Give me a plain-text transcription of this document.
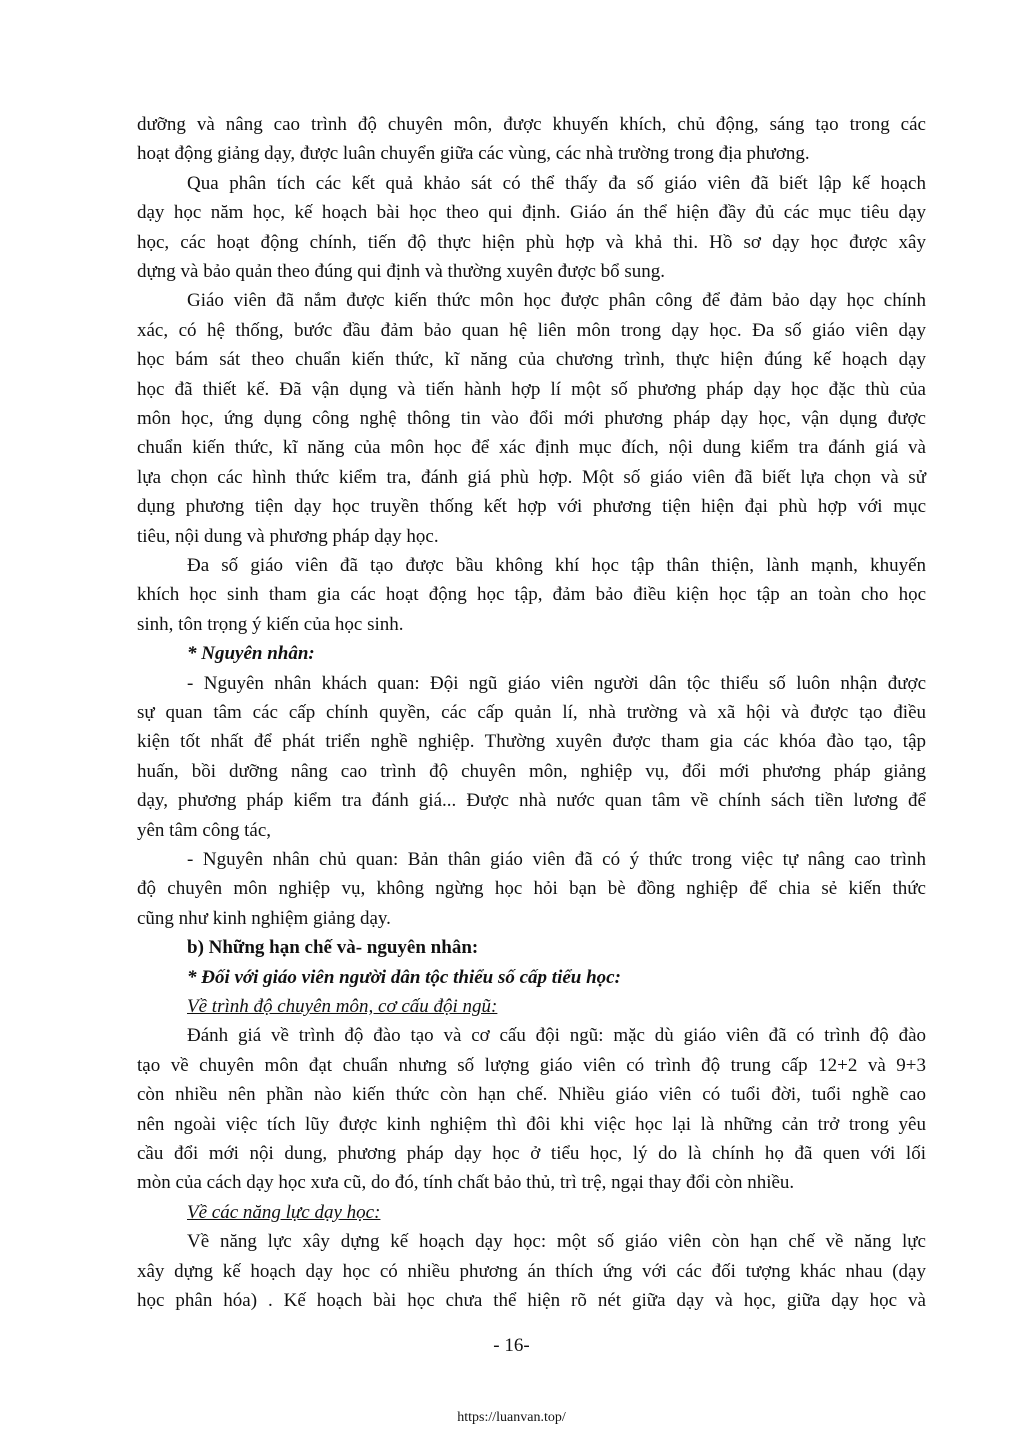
dưỡng và nâng cao trình độ chuyên môn, được khuyến khích, chủ động, sáng tạo trong các
hoạt động giảng dạy, được luân chuyển giữa các vùng, các nhà trường trong địa phương.
Qua phân tích các kết quả khảo sát có thể thấy đa số giáo viên đã biết lập kế hoạch
dạy học năm học, kế hoạch bài học theo qui định. Giáo án thể hiện đầy đủ các mục tiêu dạy
học, các hoạt động chính, tiến độ thực hiện phù hợp và khả thi. Hồ sơ dạy học được xây
dựng và bảo quản theo đúng qui định và thường xuyên được bổ sung.
Giáo viên đã nắm được kiến thức môn học được phân công để đảm bảo dạy học chính
xác, có hệ thống, bước đầu đảm bảo quan hệ liên môn trong dạy học. Đa số giáo viên dạy
học bám sát theo chuẩn kiến thức, kĩ năng của chương trình, thực hiện đúng kế hoạch dạy
học đã thiết kế. Đã vận dụng và tiến hành hợp lí một số phương pháp dạy học đặc thù của
môn học, ứng dụng công nghệ thông tin vào đổi mới phương pháp dạy học, vận dụng được
chuẩn kiến thức, kĩ năng của môn học để xác định mục đích, nội dung kiểm tra đánh giá và
lựa chọn các hình thức kiểm tra, đánh giá phù hợp. Một số giáo viên đã biết lựa chọn và sử
dụng phương tiện dạy học truyền thống kết hợp với phương tiện hiện đại phù hợp với mục
tiêu, nội dung và phương pháp dạy học.
Đa số giáo viên đã tạo được bầu không khí học tập thân thiện, lành mạnh, khuyến
khích học sinh tham gia các hoạt động học tập, đảm bảo điều kiện học tập an toàn cho học
sinh, tôn trọng ý kiến của học sinh.
* Nguyên nhân:
- Nguyên nhân khách quan: Đội ngũ giáo viên người dân tộc thiểu số luôn nhận được
sự quan tâm các cấp chính quyền, các cấp quản lí, nhà trường và xã hội và được tạo điều
kiện tốt nhất để phát triển nghề nghiệp. Thường xuyên được tham gia các khóa đào tạo, tập
huấn, bồi dưỡng nâng cao trình độ chuyên môn, nghiệp vụ, đổi mới phương pháp giảng
dạy, phương pháp kiểm tra đánh giá... Được nhà nước quan tâm về chính sách tiền lương để
yên tâm công tác,
- Nguyên nhân chủ quan: Bản thân giáo viên đã có ý thức trong việc tự nâng cao trình
độ chuyên môn nghiệp vụ, không ngừng học hỏi bạn bè đồng nghiệp để chia sẻ kiến thức
cũng như kinh nghiệm giảng dạy.
b) Những hạn chế và- nguyên nhân:
* Đối với giáo viên người dân tộc thiểu số cấp tiểu học:
Về trình độ chuyên môn, cơ cấu đội ngũ:
Đánh giá về trình độ đào tạo và cơ cấu đội ngũ: mặc dù giáo viên đã có trình độ đào
tạo về chuyên môn đạt chuẩn nhưng số lượng giáo viên có trình độ trung cấp 12+2 và 9+3
còn nhiều nên phần nào kiến thức còn hạn chế. Nhiều giáo viên có tuổi đời, tuổi nghề cao
nên ngoài việc tích lũy được kinh nghiệm thì đôi khi việc học lại là những cản trở trong yêu
cầu đổi mới nội dung, phương pháp dạy học ở tiểu học, lý do là chính họ đã quen với lối
mòn của cách dạy học xưa cũ, do đó, tính chất bảo thủ, trì trệ, ngại thay đổi còn nhiều.
Về các năng lực dạy học:
Về năng lực xây dựng kế hoạch dạy học: một số giáo viên còn hạn chế về năng lực
xây dựng kế hoạch dạy học có nhiều phương án thích ứng với các đối tượng khác nhau (dạy
học phân hóa) . Kế hoạch bài học chưa thể hiện rõ nét giữa dạy và học, giữa dạy học và
- 16-
https://luanvan.top/
